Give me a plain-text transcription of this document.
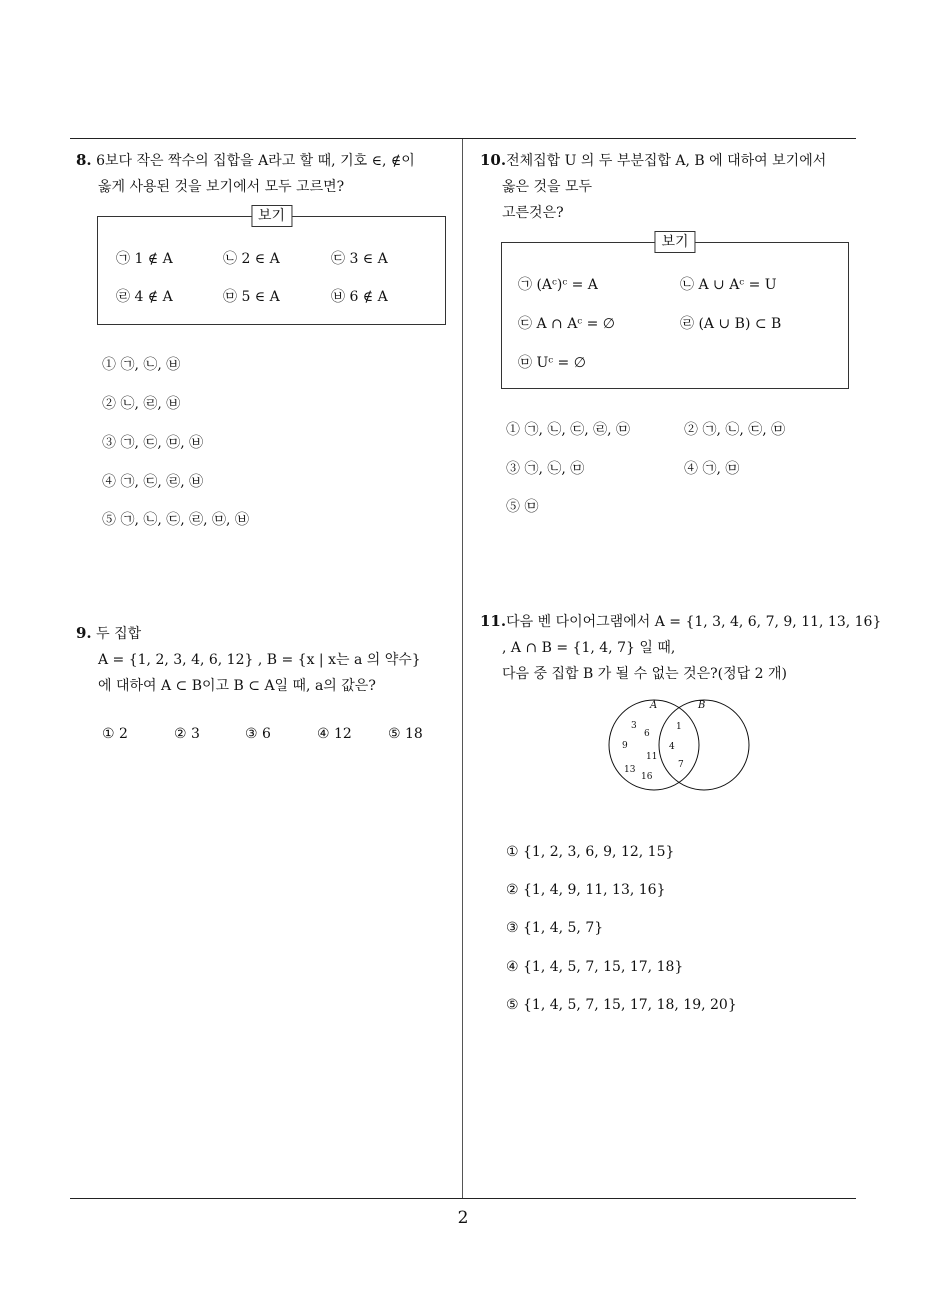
8. 6보다 작은 짝수의 집합을 A라고 할 때, 기호 ∈, ∉이
옳게 사용된 것을 보기에서 모두 고르면?
보기
㉠ 1 ∉ A	㉡ 2 ∈ A	㉢ 3 ∈ A
㉣ 4 ∉ A	㉤ 5 ∈ A	㉥ 6 ∉ A
① ㉠, ㉡, ㉥
② ㉡, ㉣, ㉥
③ ㉠, ㉢, ㉤, ㉥
④ ㉠, ㉢, ㉣, ㉥
⑤ ㉠, ㉡, ㉢, ㉣, ㉤, ㉥
9. 두 집합
A = {1, 2, 3, 4, 6, 12} , B = {x | x는 a 의 약수}
에 대하여 A ⊂ B이고 B ⊂ A일 때, a의 값은?
① 2	② 3	③ 6	④ 12	⑤ 18
10.전체집합 U 의 두 부분집합 A, B 에 대하여 보기에서
옳은 것을 모두
고른것은?
보기
㉠ (Aᶜ)ᶜ = A	㉡ A ∪ Aᶜ = U
㉢ A ∩ Aᶜ = ∅	㉣ (A ∪ B) ⊂ B
㉤ Uᶜ = ∅
① ㉠, ㉡, ㉢, ㉣, ㉤	② ㉠, ㉡, ㉢, ㉤
③ ㉠, ㉡, ㉤	④ ㉠, ㉤
⑤ ㉤
11.다음 벤 다이어그램에서 A = {1, 3, 4, 6, 7, 9, 11, 13, 16}
, A ∩ B = {1, 4, 7} 일 때,
다음 중 집합 B 가 될 수 없는 것은?(정답 2 개)
A	B
3
6
9
11
13
16
1
4
7
① {1, 2, 3, 6, 9, 12, 15}
② {1, 4, 9, 11, 13, 16}
③ {1, 4, 5, 7}
④ {1, 4, 5, 7, 15, 17, 18}
⑤ {1, 4, 5, 7, 15, 17, 18, 19, 20}
2
